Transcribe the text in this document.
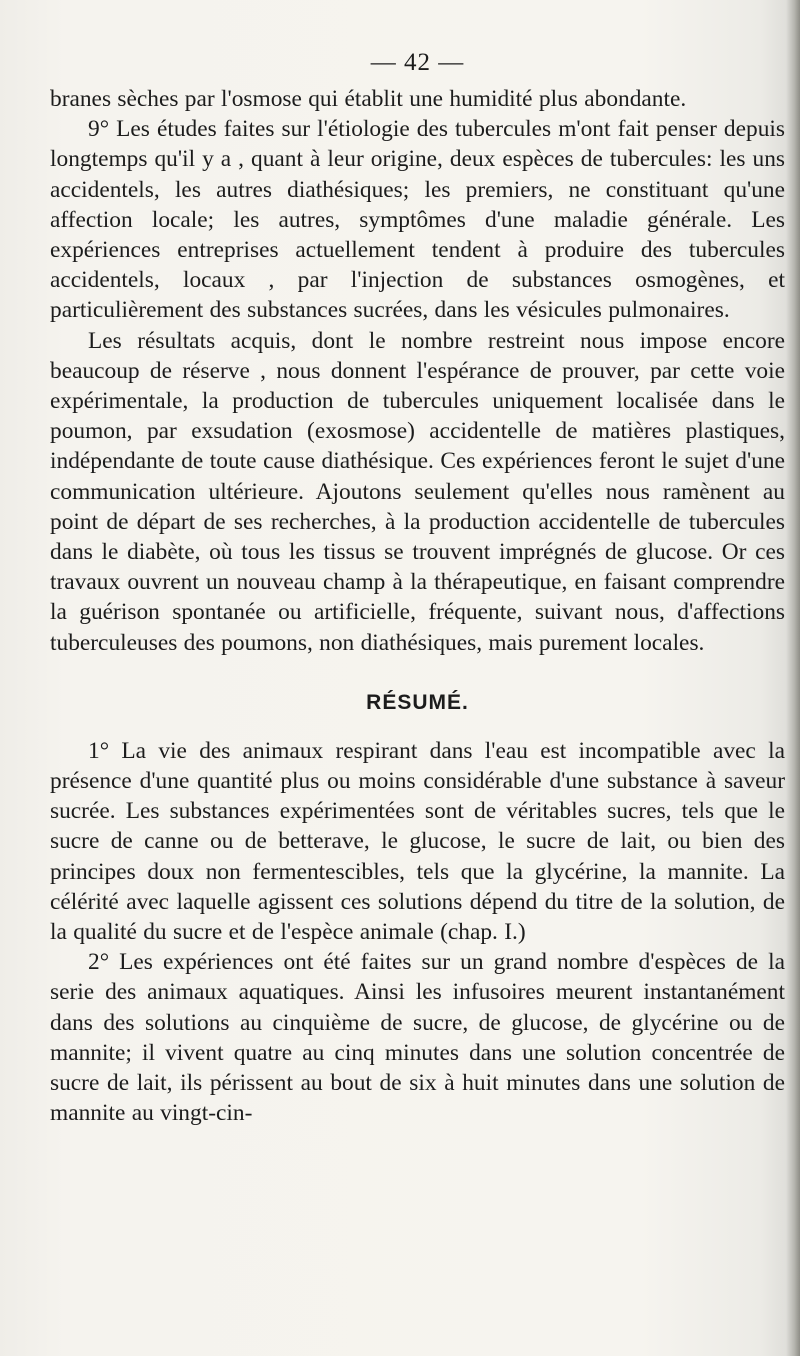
— 42 —

branes sèches par l'osmose qui établit une humidité plus abondante.

9° Les études faites sur l'étiologie des tubercules m'ont fait penser depuis longtemps qu'il y a , quant à leur origine, deux espèces de tubercules: les uns accidentels, les autres diathésiques; les premiers, ne constituant qu'une affection locale; les autres, symptômes d'une maladie générale. Les expériences entreprises actuellement tendent à produire des tubercules accidentels, locaux , par l'injection de substances osmogènes, et particulièrement des substances sucrées, dans les vésicules pulmonaires.

Les résultats acquis, dont le nombre restreint nous impose encore beaucoup de réserve , nous donnent l'espérance de prouver, par cette voie expérimentale, la production de tubercules uniquement localisée dans le poumon, par exsudation (exosmose) accidentelle de matières plastiques, indépendante de toute cause diathésique. Ces expériences feront le sujet d'une communication ultérieure. Ajoutons seulement qu'elles nous ramènent au point de départ de ses recherches, à la production accidentelle de tubercules dans le diabète, où tous les tissus se trouvent imprégnés de glucose. Or ces travaux ouvrent un nouveau champ à la thérapeutique, en faisant comprendre la guérison spontanée ou artificielle, fréquente, suivant nous, d'affections tuberculeuses des poumons, non diathésiques, mais purement locales.

RÉSUMÉ.

1° La vie des animaux respirant dans l'eau est incompatible avec la présence d'une quantité plus ou moins considérable d'une substance à saveur sucrée. Les substances expérimentées sont de véritables sucres, tels que le sucre de canne ou de betterave, le glucose, le sucre de lait, ou bien des principes doux non fermentescibles, tels que la glycérine, la mannite. La célérité avec laquelle agissent ces solutions dépend du titre de la solution, de la qualité du sucre et de l'espèce animale (chap. I.)

2° Les expériences ont été faites sur un grand nombre d'espèces de la serie des animaux aquatiques. Ainsi les infusoires meurent instantanément dans des solutions au cinquième de sucre, de glucose, de glycérine ou de mannite; il vivent quatre au cinq minutes dans une solution concentrée de sucre de lait, ils périssent au bout de six à huit minutes dans une solution de mannite au vingt-cin-
